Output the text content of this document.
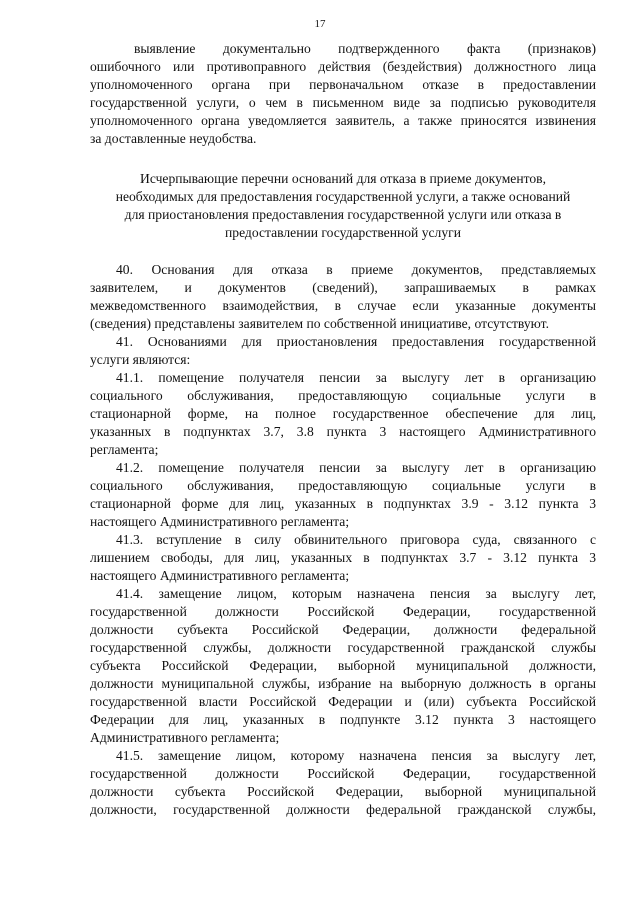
17
выявление документально подтвержденного факта (признаков)
ошибочного или противоправного действия (бездействия) должностного лица
уполномоченного органа при первоначальном отказе в предоставлении
государственной услуги, о чем в письменном виде за подписью руководителя
уполномоченного органа уведомляется заявитель, а также приносятся извинения
за доставленные неудобства.
Исчерпывающие перечни оснований для отказа в приеме документов,
необходимых для предоставления государственной услуги, а также оснований
для приостановления предоставления государственной услуги или отказа в
предоставлении государственной услуги
40. Основания для отказа в приеме документов, представляемых
заявителем, и документов (сведений), запрашиваемых в рамках
межведомственного взаимодействия, в случае если указанные документы
(сведения) представлены заявителем по собственной инициативе, отсутствуют.
41. Основаниями для приостановления предоставления государственной
услуги являются:
41.1. помещение получателя пенсии за выслугу лет в организацию
социального обслуживания, предоставляющую социальные услуги в
стационарной форме, на полное государственное обеспечение для лиц,
указанных в подпунктах 3.7, 3.8 пункта 3 настоящего Административного
регламента;
41.2. помещение получателя пенсии за выслугу лет в организацию
социального обслуживания, предоставляющую социальные услуги в
стационарной форме для лиц, указанных в подпунктах 3.9 - 3.12 пункта 3
настоящего Административного регламента;
41.3. вступление в силу обвинительного приговора суда, связанного с
лишением свободы, для лиц, указанных в подпунктах 3.7 - 3.12 пункта 3
настоящего Административного регламента;
41.4. замещение лицом, которым назначена пенсия за выслугу лет,
государственной должности Российской Федерации, государственной
должности субъекта Российской Федерации, должности федеральной
государственной службы, должности государственной гражданской службы
субъекта Российской Федерации, выборной муниципальной должности,
должности муниципальной службы, избрание на выборную должность в органы
государственной власти Российской Федерации и (или) субъекта Российской
Федерации для лиц, указанных в подпункте 3.12 пункта 3 настоящего
Административного регламента;
41.5. замещение лицом, которому назначена пенсия за выслугу лет,
государственной должности Российской Федерации, государственной
должности субъекта Российской Федерации, выборной муниципальной
должности, государственной должности федеральной гражданской службы,
